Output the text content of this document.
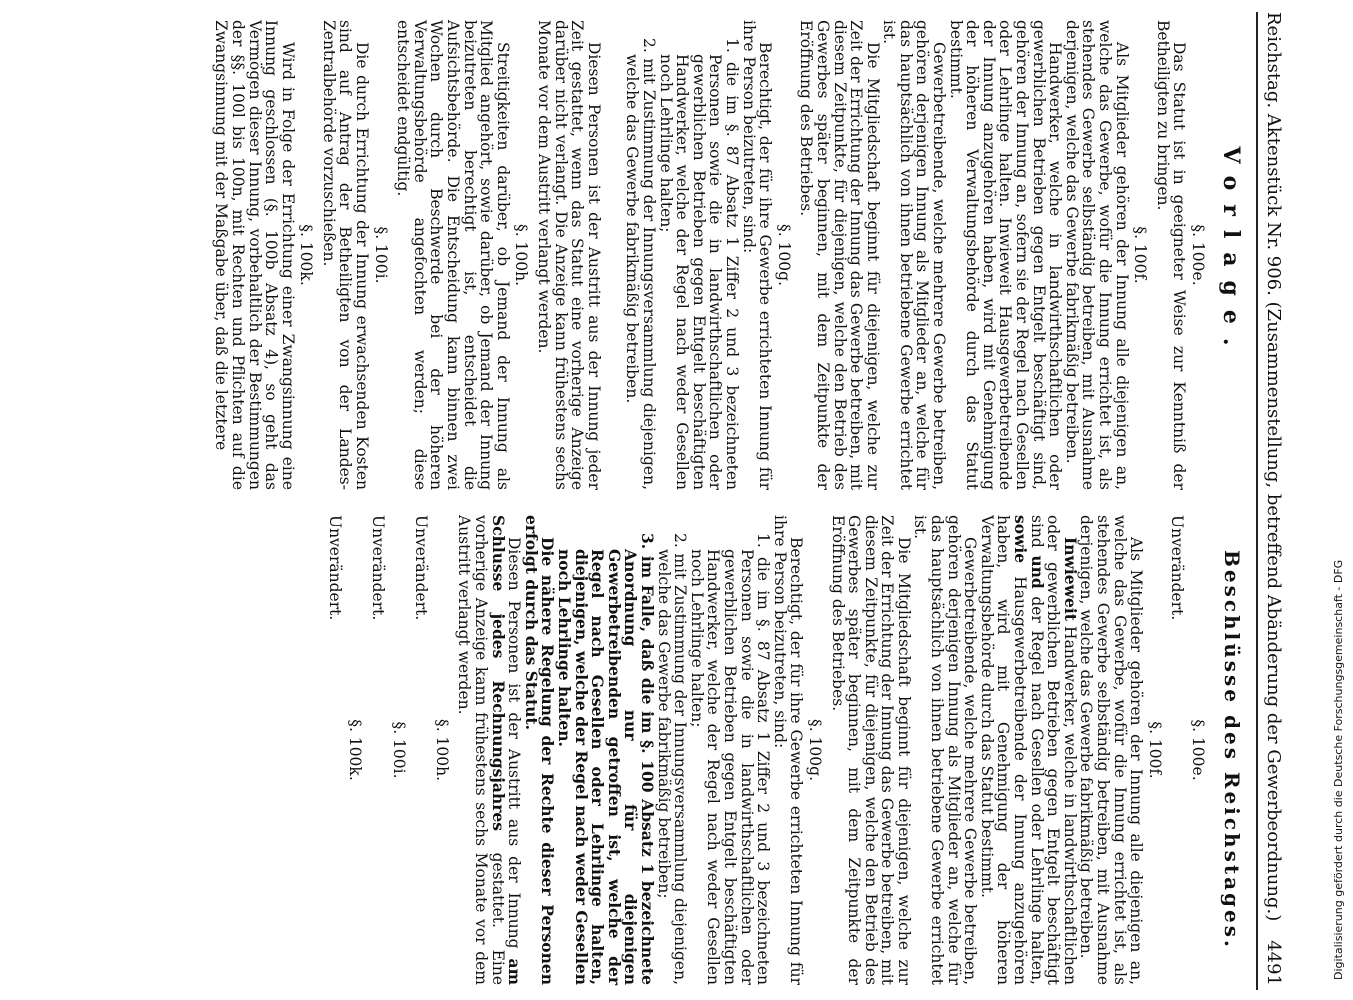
Reichstag. Aktenstück Nr. 906. (Zusammenstellung, betreffend Abänderung der Gewerbeordnung.)
4491
Vorlage.
Beschlüsse des Reichstages.
§. 100e.

Das Statut ist in geeigneter Weise zur Kenntniß der Betheiligten zu bringen.

§. 100f.

Als Mitglieder gehören der Innung alle diejenigen an, welche das Gewerbe, wofür die Innung errichtet ist, als stehendes Gewerbe selbständig betreiben, mit Ausnahme derjenigen, welche das Gewerbe fabrikmäßig betreiben.

Handwerker, welche in landwirthschaftlichen oder gewerblichen Betrieben gegen Entgelt beschäftigt sind, gehören der Innung an, sofern sie der Regel nach Gesellen oder Lehrlinge halten. Inwieweit Hausgewerbetreibende der Innung anzugehören haben, wird mit Genehmigung der höheren Verwaltungsbehörde durch das Statut bestimmt.

Gewerbetreibende, welche mehrere Gewerbe betreiben, gehören derjenigen Innung als Mitglieder an, welche für das hauptsächlich von ihnen betriebene Gewerbe errichtet ist.

Die Mitgliedschaft beginnt für diejenigen, welche zur Zeit der Errichtung der Innung das Gewerbe betreiben, mit diesem Zeitpunkte, für diejenigen, welche den Betrieb des Gewerbes später beginnen, mit dem Zeitpunkte der Eröffnung des Betriebes.

§. 100g.

Berechtigt, der für ihre Gewerbe errichteten Innung für ihre Person beizutreten, sind:

1. die im §. 87 Absatz 1 Ziffer 2 und 3 bezeichneten Personen sowie die in landwirthschaftlichen oder gewerblichen Betrieben gegen Entgelt beschäftigten Handwerker, welche der Regel nach weder Gesellen noch Lehrlinge halten;

2. mit Zustimmung der Innungsversammlung diejenigen, welche das Gewerbe fabrikmäßig betreiben.

Diesen Personen ist der Austritt aus der Innung jeder Zeit gestattet, wenn das Statut eine vorherige Anzeige darüber nicht verlangt. Die Anzeige kann frühestens sechs Monate vor dem Austritt verlangt werden.

§. 100h.

Streitigkeiten darüber, ob Jemand der Innung als Mitglied angehört, sowie darüber, ob Jemand der Innung beizutreten berechtigt ist, entscheidet die Aufsichtsbehörde. Die Entscheidung kann binnen zwei Wochen durch Beschwerde bei der höheren Verwaltungsbehörde angefochten werden; diese entscheidet endgültig.

§. 100i.

Die durch Errichtung der Innung erwachsenden Kosten sind auf Antrag der Betheiligten von der Landes-Zentralbehörde vorzuschießen.

§. 100k.

Wird in Folge der Errichtung einer Zwangsinnung eine Innung geschlossen (§. 100b Absatz 4), so geht das Vermögen dieser Innung, vorbehaltlich der Bestimmungen der §§. 100l bis 100n, mit Rechten und Pflichten auf die Zwangsinnung mit der Maßgabe über, daß die letztere

§. 100e.

Unverändert.

§. 100f.

Als Mitglieder gehören der Innung alle diejenigen an, welche das Gewerbe, wofür die Innung errichtet ist, als stehendes Gewerbe selbständig betreiben, mit Ausnahme derjenigen, welche das Gewerbe fabrikmäßig betreiben.

Inwieweit Handwerker, welche in landwirthschaftlichen oder gewerblichen Betrieben gegen Entgelt beschäftigt sind und der Regel nach Gesellen oder Lehrlinge halten, sowie Hausgewerbetreibende der Innung anzugehören haben, wird mit Genehmigung der höheren Verwaltungsbehörde durch das Statut bestimmt.

Gewerbetreibende, welche mehrere Gewerbe betreiben, gehören derjenigen Innung als Mitglieder an, welche für das hauptsächlich von ihnen betriebene Gewerbe errichtet ist.

Die Mitgliedschaft beginnt für diejenigen, welche zur Zeit der Errichtung der Innung das Gewerbe betreiben, mit diesem Zeitpunkte, für diejenigen, welche den Betrieb des Gewerbes später beginnen, mit dem Zeitpunkte der Eröffnung des Betriebes.

§. 100g.

Berechtigt, der für ihre Gewerbe errichteten Innung für ihre Person beizutreten, sind:

1. die im §. 87 Absatz 1 Ziffer 2 und 3 bezeichneten Personen sowie die in landwirthschaftlichen oder gewerblichen Betrieben gegen Entgelt beschäftigten Handwerker, welche der Regel nach weder Gesellen noch Lehrlinge halten;

2. mit Zustimmung der Innungsversammlung diejenigen, welche das Gewerbe fabrikmäßig betreiben;

3. im Falle, daß die im §. 100 Absatz 1 bezeichnete Anordnung nur für diejenigen Gewerbetreibenden getroffen ist, welche der Regel nach Gesellen oder Lehrlinge halten, diejenigen, welche der Regel nach weder Gesellen noch Lehrlinge halten.

Die nähere Regelung der Rechte dieser Personen erfolgt durch das Statut.

Diesen Personen ist der Austritt aus der Innung am Schlusse jedes Rechnungsjahres gestattet. Eine vorherige Anzeige kann frühestens sechs Monate vor dem Austritt verlangt werden.

§. 100h.

Unverändert.

§. 100i.

Unverändert.

§. 100k.

Unverändert.	Digitalisierung gefördert durch die Deutsche Forschungsgemeinschaft - DFG
